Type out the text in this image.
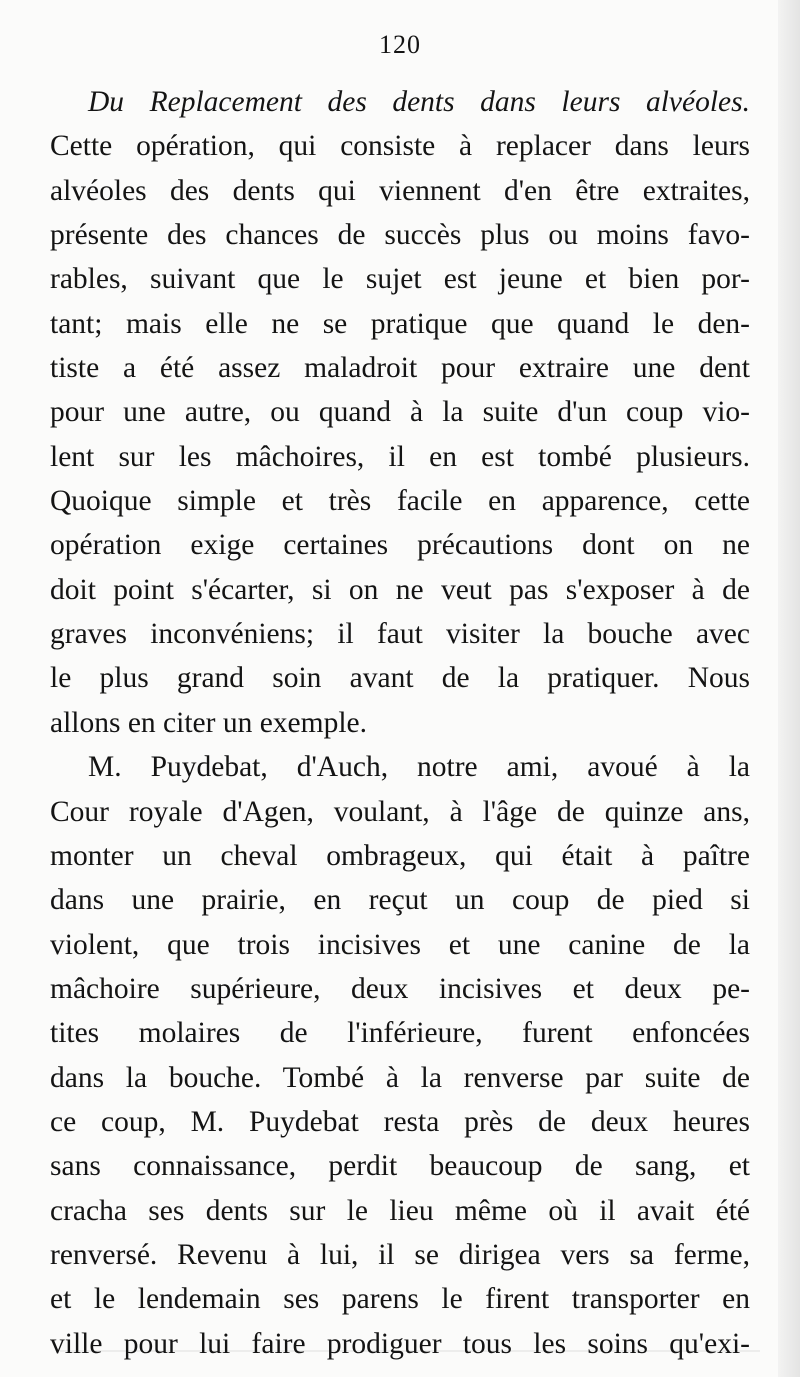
120
Du Replacement des dents dans leurs alvéoles.
Cette opération, qui consiste à replacer dans leurs
alvéoles des dents qui viennent d'en être extraites,
présente des chances de succès plus ou moins favo-
rables, suivant que le sujet est jeune et bien por-
tant; mais elle ne se pratique que quand le den-
tiste a été assez maladroit pour extraire une dent
pour une autre, ou quand à la suite d'un coup vio-
lent sur les mâchoires, il en est tombé plusieurs.
Quoique simple et très facile en apparence, cette
opération exige certaines précautions dont on ne
doit point s'écarter, si on ne veut pas s'exposer à de
graves inconvéniens; il faut visiter la bouche avec
le plus grand soin avant de la pratiquer. Nous
allons en citer un exemple.
M. Puydebat, d'Auch, notre ami, avoué à la
Cour royale d'Agen, voulant, à l'âge de quinze ans,
monter un cheval ombrageux, qui était à paître
dans une prairie, en reçut un coup de pied si
violent, que trois incisives et une canine de la
mâchoire supérieure, deux incisives et deux pe-
tites molaires de l'inférieure, furent enfoncées
dans la bouche. Tombé à la renverse par suite de
ce coup, M. Puydebat resta près de deux heures
sans connaissance, perdit beaucoup de sang, et
cracha ses dents sur le lieu même où il avait été
renversé. Revenu à lui, il se dirigea vers sa ferme,
et le lendemain ses parens le firent transporter en
ville pour lui faire prodiguer tous les soins qu'exi-
